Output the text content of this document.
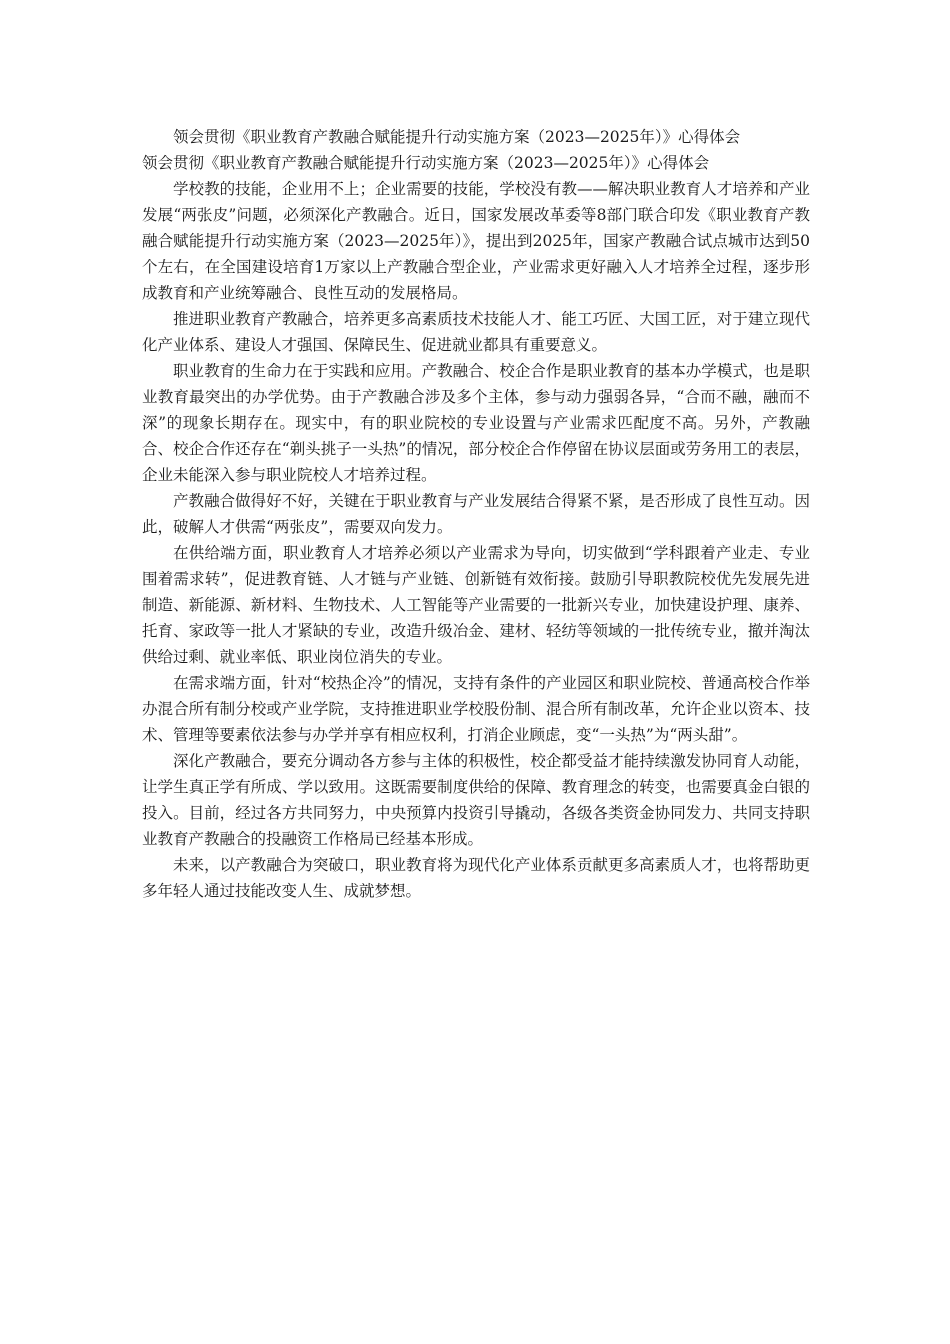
领会贯彻《职业教育产教融合赋能提升行动实施方案（2023—2025年）》心得体会
领会贯彻《职业教育产教融合赋能提升行动实施方案（2023—2025年）》心得体会

学校教的技能，企业用不上；企业需要的技能，学校没有教——解决职业教育人才培养和产业发展“两张皮”问题，必须深化产教融合。近日，国家发展改革委等8部门联合印发《职业教育产教融合赋能提升行动实施方案（2023—2025年）》，提出到2025年，国家产教融合试点城市达到50个左右，在全国建设培育1万家以上产教融合型企业，产业需求更好融入人才培养全过程，逐步形成教育和产业统筹融合、良性互动的发展格局。

推进职业教育产教融合，培养更多高素质技术技能人才、能工巧匠、大国工匠，对于建立现代化产业体系、建设人才强国、保障民生、促进就业都具有重要意义。

职业教育的生命力在于实践和应用。产教融合、校企合作是职业教育的基本办学模式，也是职业教育最突出的办学优势。由于产教融合涉及多个主体，参与动力强弱各异，“合而不融，融而不深”的现象长期存在。现实中，有的职业院校的专业设置与产业需求匹配度不高。另外，产教融合、校企合作还存在“剃头挑子一头热”的情况，部分校企合作停留在协议层面或劳务用工的表层，企业未能深入参与职业院校人才培养过程。

产教融合做得好不好，关键在于职业教育与产业发展结合得紧不紧，是否形成了良性互动。因此，破解人才供需“两张皮”，需要双向发力。

在供给端方面，职业教育人才培养必须以产业需求为导向，切实做到“学科跟着产业走、专业围着需求转”，促进教育链、人才链与产业链、创新链有效衔接。鼓励引导职教院校优先发展先进制造、新能源、新材料、生物技术、人工智能等产业需要的一批新兴专业，加快建设护理、康养、托育、家政等一批人才紧缺的专业，改造升级冶金、建材、轻纺等领域的一批传统专业，撤并淘汰供给过剩、就业率低、职业岗位消失的专业。

在需求端方面，针对“校热企冷”的情况，支持有条件的产业园区和职业院校、普通高校合作举办混合所有制分校或产业学院，支持推进职业学校股份制、混合所有制改革，允许企业以资本、技术、管理等要素依法参与办学并享有相应权利，打消企业顾虑，变“一头热”为“两头甜”。

深化产教融合，要充分调动各方参与主体的积极性，校企都受益才能持续激发协同育人动能，让学生真正学有所成、学以致用。这既需要制度供给的保障、教育理念的转变，也需要真金白银的投入。目前，经过各方共同努力，中央预算内投资引导撬动，各级各类资金协同发力、共同支持职业教育产教融合的投融资工作格局已经基本形成。

未来，以产教融合为突破口，职业教育将为现代化产业体系贡献更多高素质人才，也将帮助更多年轻人通过技能改变人生、成就梦想。
